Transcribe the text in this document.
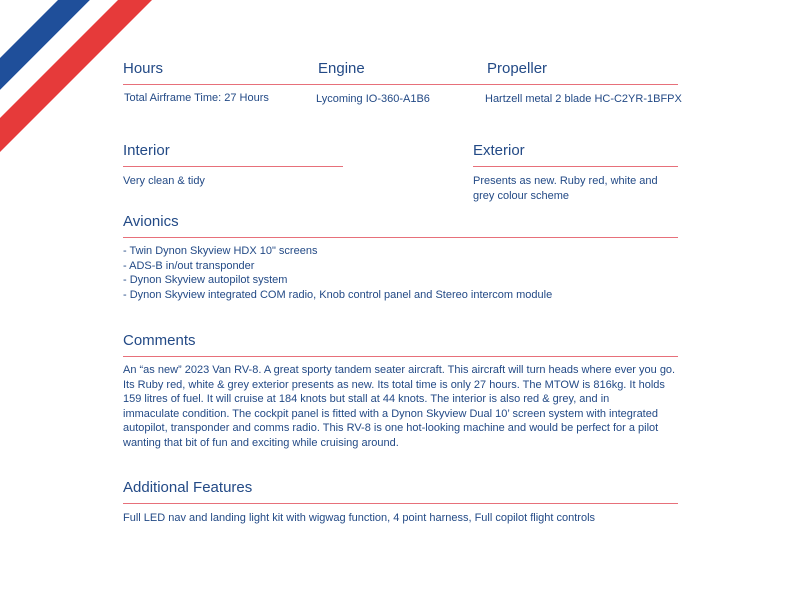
Hours
Total Airframe Time: 27 Hours
Engine
Lycoming IO-360-A1B6
Propeller
Hartzell metal 2 blade HC-C2YR-1BFPX
Interior
Very clean & tidy
Exterior
Presents as new. Ruby red, white and
grey colour scheme
Avionics
- Twin Dynon Skyview HDX 10" screens
- ADS-B in/out transponder
- Dynon Skyview autopilot system
- Dynon Skyview integrated COM radio, Knob control panel and Stereo intercom module
Comments
An “as new” 2023 Van RV-8. A great sporty tandem seater aircraft. This aircraft will turn heads where ever you go.
Its Ruby red, white & grey exterior presents as new. Its total time is only 27 hours. The MTOW is 816kg. It holds
159 litres of fuel. It will cruise at 184 knots but stall at 44 knots. The interior is also red & grey, and in
immaculate condition. The cockpit panel is fitted with a Dynon Skyview Dual 10’ screen system with integrated
autopilot, transponder and comms radio. This RV-8 is one hot-looking machine and would be perfect for a pilot
wanting that bit of fun and exciting while cruising around.
Additional Features
Full LED nav and landing light kit with wigwag function, 4 point harness, Full copilot flight controls
